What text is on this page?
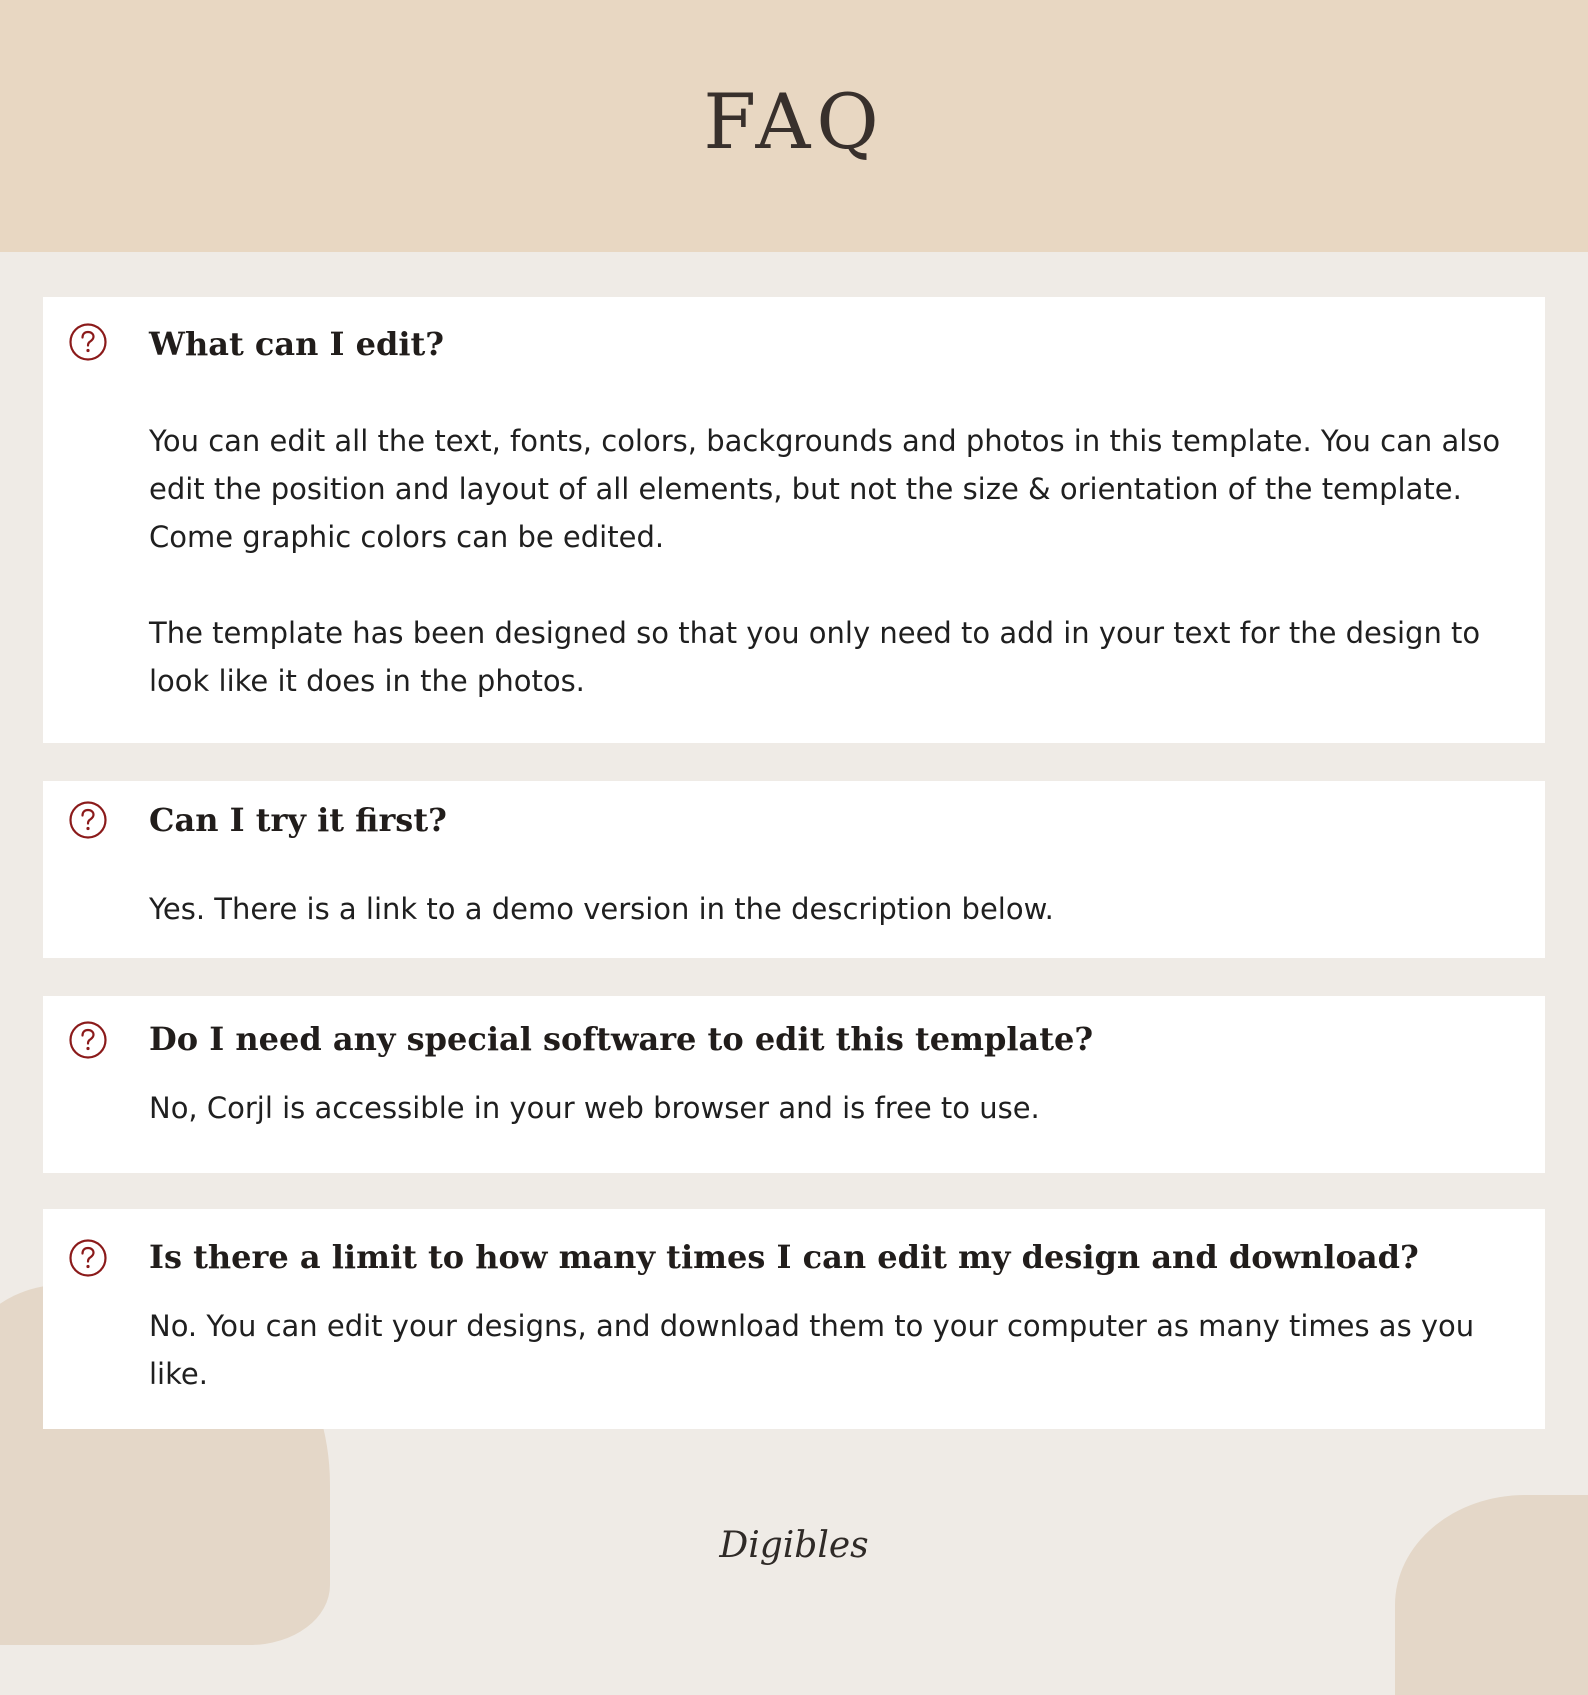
FAQ
What can I edit?

You can edit all the text, fonts, colors, backgrounds and photos in this template. You can also edit the position and layout of all elements, but not the size & orientation of the template. Come graphic colors can be edited.

The template has been designed so that you only need to add in your text for the design to look like it does in the photos.

Can I try it first?

Yes. There is a link to a demo version in the description below.

Do I need any special software to edit this template?

No, Corjl is accessible in your web browser and is free to use.

Is there a limit to how many times I can edit my design and download?

No. You can edit your designs, and download them to your computer as many times as you like.

Digibles
